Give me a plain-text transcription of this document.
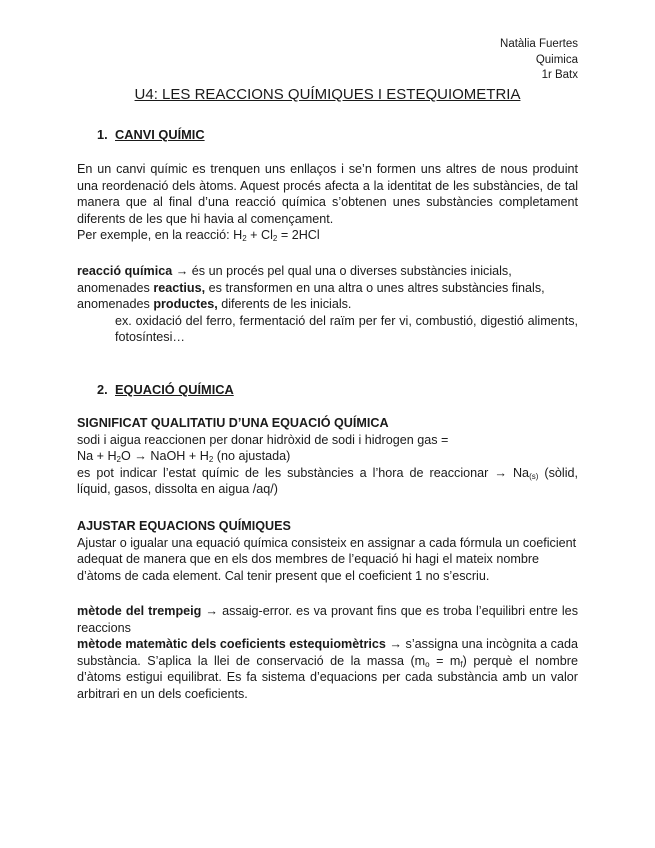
Natàlia Fuertes
Quimica
1r Batx
U4: LES REACCIONS QUÍMIQUES I ESTEQUIOMETRIA
1. CANVI QUÍMIC

En un canvi químic es trenquen uns enllaços i se’n formen uns altres de nous produint una reordenació dels àtoms. Aquest procés afecta a la identitat de les substàncies, de tal manera que al final d’una reacció química s’obtenen unes substàncies completament diferents de les que hi havia al començament.

Per exemple, en la reacció: $H_2 + Cl_2 = 2HCl$

reacció química → és un procés pel qual una o diverses substàncies inicials, anomenades reactius, es transformen en una altra o unes altres substàncies finals, anomenades productes, diferents de les inicials.

ex. oxidació del ferro, fermentació del raïm per fer vi, combustió, digestió aliments, fotosíntesi…

2. EQUACIÓ QUÍMICA

SIGNIFICAT QUALITATIU D’UNA EQUACIÓ QUÍMICA

sodi i aigua reaccionen per donar hidròxid de sodi i hidrogen gas =

$Na + H_2O$ → NaOH + $H_2$ (no ajustada)

es pot indicar l’estat químic de les substàncies a l’hora de reaccionar → $Na_{(s)}$ (sòlid, líquid, gasos, dissolta en aigua /aq/)

AJUSTAR EQUACIONS QUÍMIQUES

Ajustar o igualar una equació química consisteix en assignar a cada fórmula un coeficient adequat de manera que en els dos membres de l’equació hi hagi el mateix nombre d’àtoms de cada element. Cal tenir present que el coeficient 1 no s’escriu.

mètode del trempeig → assaig-error. es va provant fins que es troba l’equilibri entre les reaccions

mètode matemàtic dels coeficients estequiomètrics → s’assigna una incògnita a cada substància. S’aplica la llei de conservació de la massa $(m_o = m_f)$ perquè el nombre d’àtoms estigui equilibrat. Es fa sistema d’equacions per cada substància amb un valor arbitrari en un dels coeficients.
